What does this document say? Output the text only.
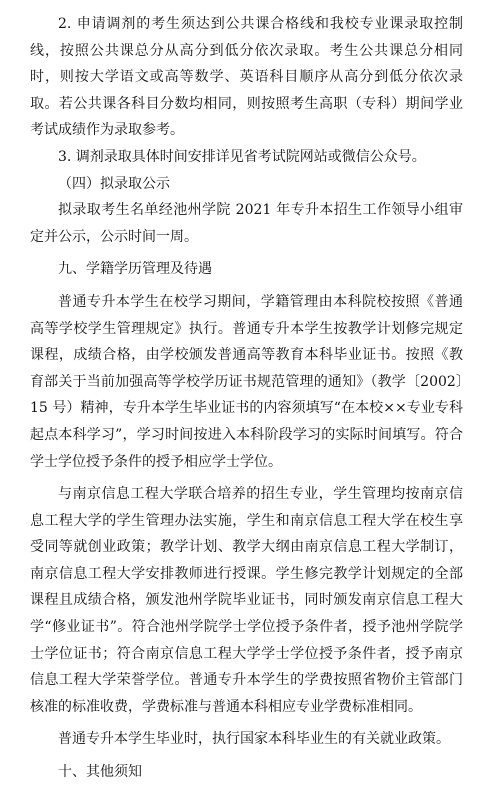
2. 申请调剂的考生须达到公共课合格线和我校专业课录取控制线，按照公共课总分从高分到低分依次录取。考生公共课总分相同时，则按大学语文或高等数学、英语科目顺序从高分到低分依次录取。若公共课各科目分数均相同，则按照考生高职（专科）期间学业考试成绩作为录取参考。

3. 调剂录取具体时间安排详见省考试院网站或微信公众号。

（四）拟录取公示

拟录取考生名单经池州学院 2021 年专升本招生工作领导小组审定并公示，公示时间一周。

九、学籍学历管理及待遇

普通专升本学生在校学习期间，学籍管理由本科院校按照《普通高等学校学生管理规定》执行。普通专升本学生按教学计划修完规定课程，成绩合格，由学校颁发普通高等教育本科毕业证书。按照《教育部关于当前加强高等学校学历证书规范管理的通知》（教学〔2002〕15 号）精神，专升本学生毕业证书的内容须填写“在本校××专业专科起点本科学习”，学习时间按进入本科阶段学习的实际时间填写。符合学士学位授予条件的授予相应学士学位。

与南京信息工程大学联合培养的招生专业，学生管理均按南京信息工程大学的学生管理办法实施，学生和南京信息工程大学在校生享受同等就创业政策；教学计划、教学大纲由南京信息工程大学制订，南京信息工程大学安排教师进行授课。学生修完教学计划规定的全部课程且成绩合格，颁发池州学院毕业证书，同时颁发南京信息工程大学“修业证书”。符合池州学院学士学位授予条件者，授予池州学院学士学位证书；符合南京信息工程大学学士学位授予条件者，授予南京信息工程大学荣誉学位。普通专升本学生的学费按照省物价主管部门核准的标准收费，学费标准与普通本科相应专业学费标准相同。

普通专升本学生毕业时，执行国家本科毕业生的有关就业政策。

十、其他须知
